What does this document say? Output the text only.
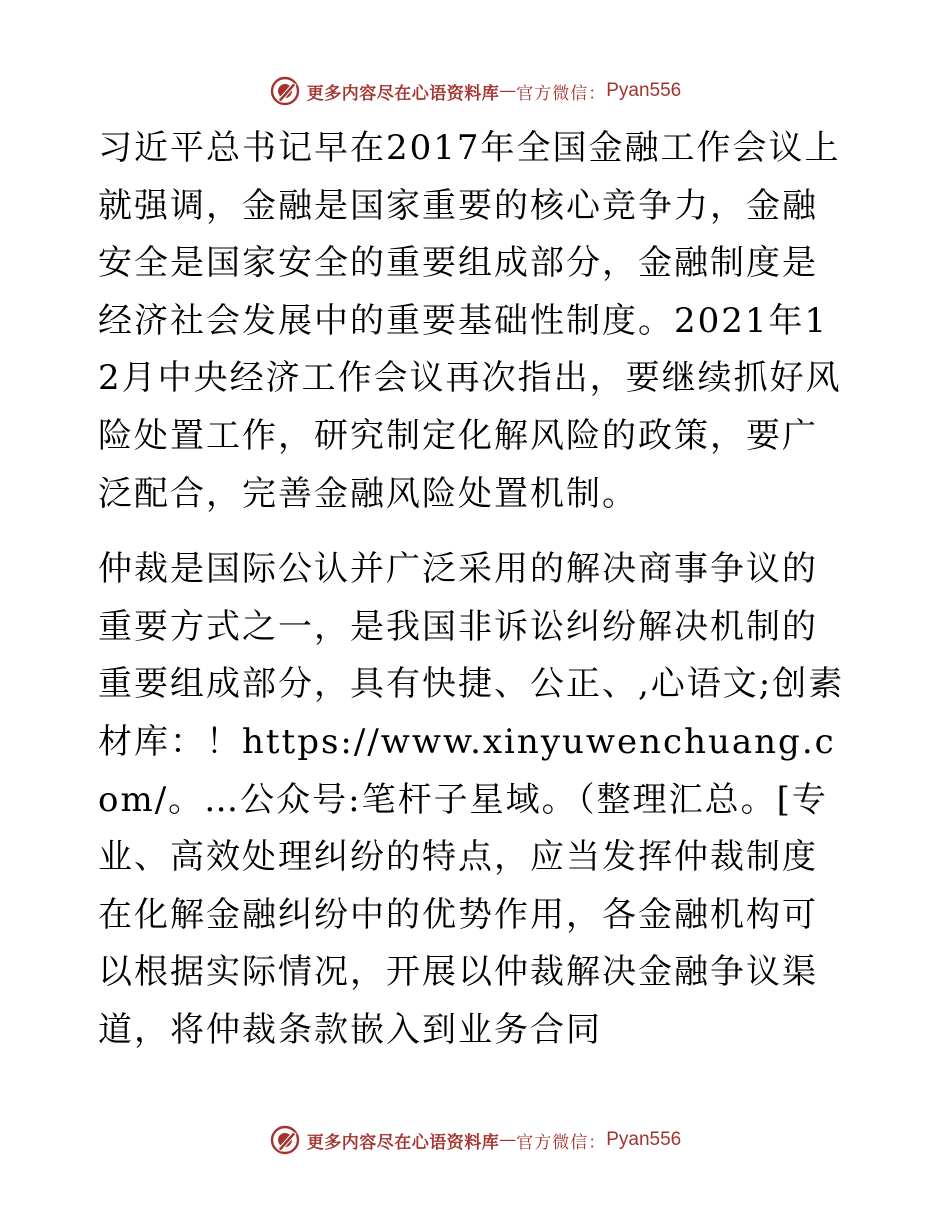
更多内容尽在心语资料库 — 官方微信： Pyan556

习近平总书记早在2017年全国金融工作会议上就强调，金融是国家重要的核心竞争力，金融安全是国家安全的重要组成部分，金融制度是经济社会发展中的重要基础性制度。2021年12月中央经济工作会议再次指出，要继续抓好风险处置工作，研究制定化解风险的政策，要广泛配合，完善金融风险处置机制。

仲裁是国际公认并广泛采用的解决商事争议的重要方式之一，是我国非诉讼纠纷解决机制的重要组成部分，具有快捷、公正、,心语文;创素材库：！https://www.xinyuwenchuang.com/。…公众号:笔杆子星域。（整理汇总。[专业、高效处理纠纷的特点，应当发挥仲裁制度在化解金融纠纷中的优势作用，各金融机构可以根据实际情况，开展以仲裁解决金融争议渠道，将仲裁条款嵌入到业务合同

更多内容尽在心语资料库 — 官方微信： Pyan556
